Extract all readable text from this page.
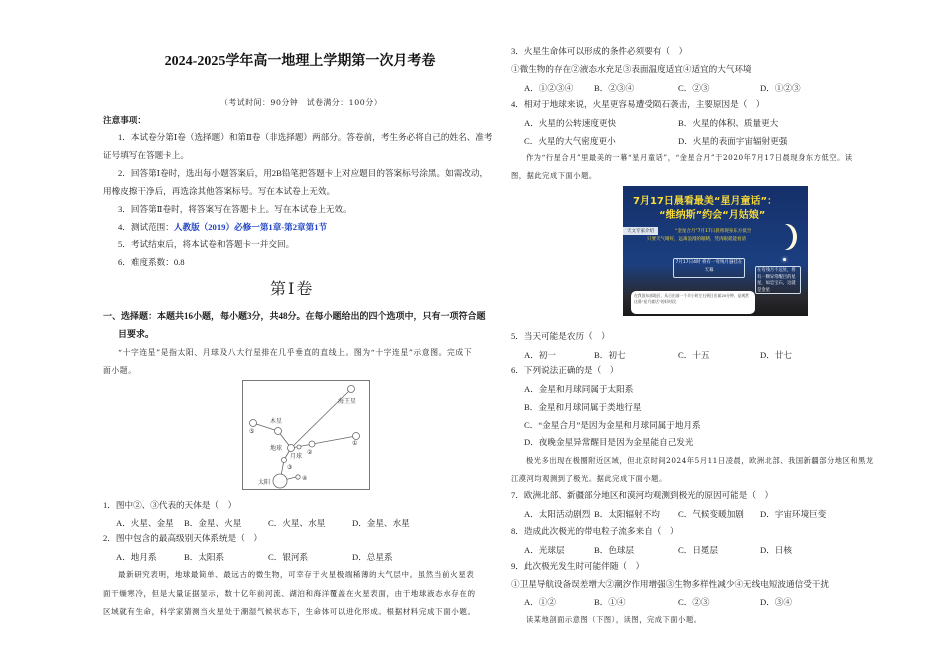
2024-2025学年高一地理上学期第一次月考卷
（考试时间：90分钟　试卷满分：100分）
注意事项：
1．本试卷分第Ⅰ卷（选择题）和第Ⅱ卷（非选择题）两部分。答卷前，考生务必将自己的姓名、准考
证号填写在答题卡上。
2．回答第Ⅰ卷时，选出每小题答案后，用2B铅笔把答题卡上对应题目的答案标号涂黑。如需改动，
用橡皮擦干净后，再选涂其他答案标号。写在本试卷上无效。
3．回答第Ⅱ卷时，将答案写在答题卡上。写在本试卷上无效。
4．测试范围：人教版（2019）必修一第1章-第2章第1节
5．考试结束后，将本试卷和答题卡一并交回。
6．难度系数：0.8
第Ⅰ卷
一、选择题：本题共16小题，每小题3分，共48分。在每小题给出的四个选项中，只有一项符合题
目要求。
“十字连星”是指太阳、月球及八大行星排在几乎垂直的直线上。图为“十字连星”示意图。完成下
面小题。
海王星
木星
地球
月球
太阳
①
②
③
④
⑤
1．图中②、③代表的天体是（　）
A．火星、金星 B．金星、火星	C．火星、水星	D．金星、水星
2．图中包含的最高级别天体系统是（　）
A．地月系	B．太阳系	C．银河系	D．总星系
最新研究表明，地球最简单、最远古的微生物，可幸存于火星极端稀薄的大气层中。虽然当前火星表
面干燥寒冷，但是大量证据显示，数十亿年前河流、湖泊和海洋覆盖在火星表面，由于地球液态水存在的
区域就有生命，科学家猜测当火星处于潮湿气候状态下，生命体可以进化形成。根据材料完成下面小题。
3．火星生命体可以形成的条件必须要有（　）
①微生物的存在②液态水充足③表面温度适宜④适宜的大气环境
A．①②③④ B．②③④	C．②③	D．①②③
4．相对于地球来说，火星更容易遭受陨石袭击，主要原因是（　）
A．火星的公转速度更快	B．火星的体积、质量更大
C．火星的大气密度更小	D．火星的表面宇宙辐射更强
作为“行星合月”里最美的一幕“星月童话”，“金星合月”于2020年7月17日晨现身东方低空。读
图，据此完成下面小题。
7月17日晨看最美“星月童话”：
“维纳斯”约会“月姑娘”
天文专家介绍	“金星合月”7月17日晨将现身东方低空
只要天气晴好，远离浪漫的眼睛，凭肉眼就能看清
7月17日4时 将有一弯残月悬挂在天幕	在弯残月不远处，将有一颗异常醒目的星星，如忠宝石，这就是金星
在我国东部地区，从日出前一个半小时左右到日出前20分钟，是观赏这幕“星月童话”的好时段
5．当天可能是农历（　）
A．初一	B．初七	C．十五	D．廿七
6．下列说法正确的是（　）
A．金星和月球同属于太阳系
B．金星和月球同属于类地行星
C．“金星合月”是因为金星和月球同属于地月系
D．夜晚金星异常醒目是因为金星能自己发光
极光多出现在极圈附近区域，但北京时间2024年5月11日凌晨，欧洲北部、我国新疆部分地区和黑龙
江漠河均观测到了极光。据此完成下面小题。
7．欧洲北部、新疆部分地区和漠河均观测到极光的原因可能是（　）
A．太阳活动剧烈 B．太阳辐射不均 C．气候变暖加剧 D．宇宙环境巨变
8．造成此次极光的带电粒子流多来自（　）
A．光球层	B．色球层	C．日冕层	D．日核
9．此次极光发生时可能伴随（　）
①卫星导航设备误差增大②潮汐作用增强③生物多样性减少④无线电短波通信受干扰
A．①②	B．①④	C．②③	D．③④
读某地剖面示意图（下图），读图，完成下面小题。
